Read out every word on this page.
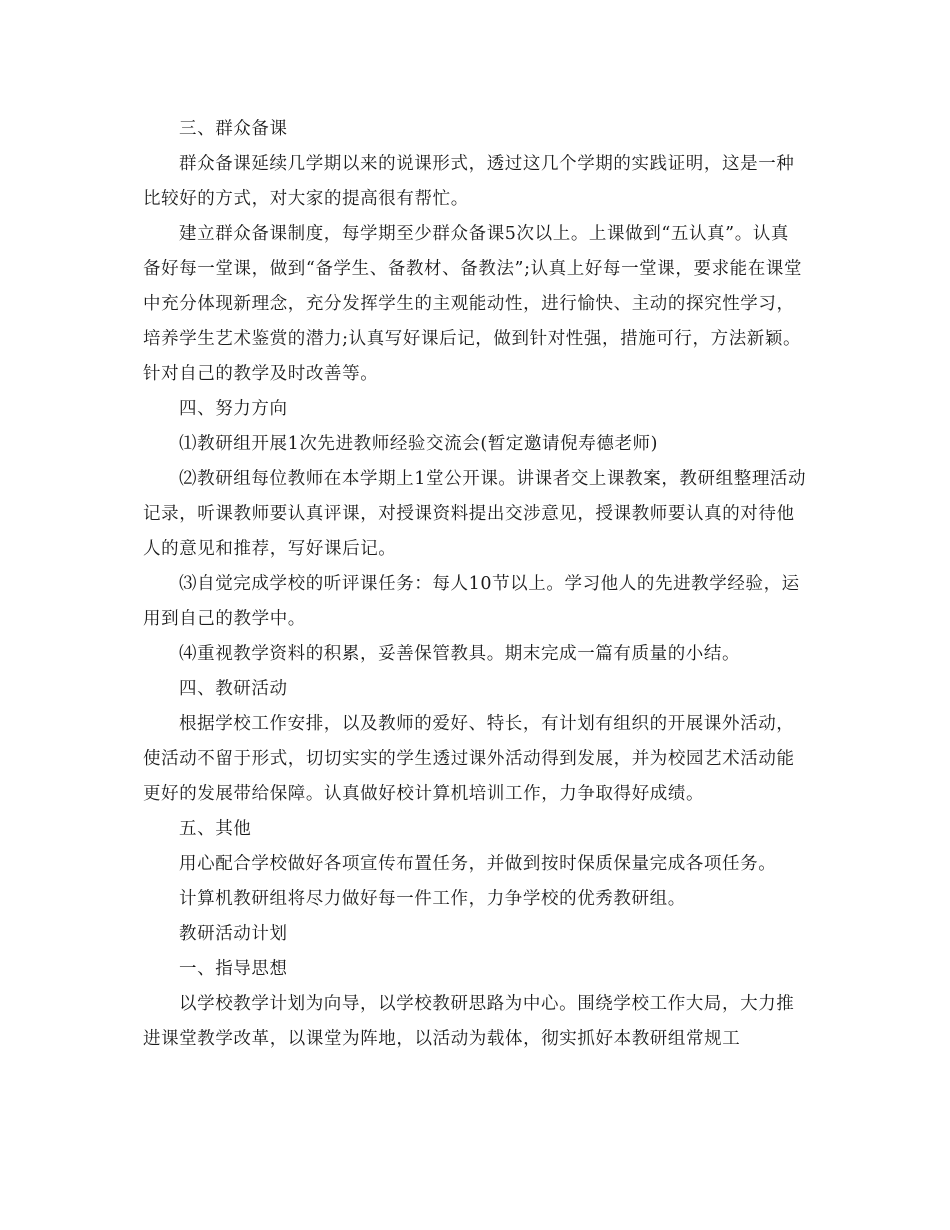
三、群众备课

群众备课延续几学期以来的说课形式，透过这几个学期的实践证明，这是一种比较好的方式，对大家的提高很有帮忙。

建立群众备课制度，每学期至少群众备课5次以上。上课做到“五认真”。认真备好每一堂课，做到“备学生、备教材、备教法”;认真上好每一堂课，要求能在课堂中充分体现新理念，充分发挥学生的主观能动性，进行愉快、主动的探究性学习，培养学生艺术鉴赏的潜力;认真写好课后记，做到针对性强，措施可行，方法新颖。针对自己的教学及时改善等。

四、努力方向

⑴教研组开展1次先进教师经验交流会(暂定邀请倪寿德老师)

⑵教研组每位教师在本学期上1堂公开课。讲课者交上课教案，教研组整理活动记录，听课教师要认真评课，对授课资料提出交涉意见，授课教师要认真的对待他人的意见和推荐，写好课后记。

⑶自觉完成学校的听评课任务：每人10节以上。学习他人的先进教学经验，运用到自己的教学中。

⑷重视教学资料的积累，妥善保管教具。期末完成一篇有质量的小结。

四、教研活动

根据学校工作安排，以及教师的爱好、特长，有计划有组织的开展课外活动，使活动不留于形式，切切实实的学生透过课外活动得到发展，并为校园艺术活动能更好的发展带给保障。认真做好校计算机培训工作，力争取得好成绩。

五、其他

用心配合学校做好各项宣传布置任务，并做到按时保质保量完成各项任务。

计算机教研组将尽力做好每一件工作，力争学校的优秀教研组。

教研活动计划

一、指导思想

以学校教学计划为向导，以学校教研思路为中心。围绕学校工作大局，大力推进课堂教学改革，以课堂为阵地，以活动为载体，彻实抓好本教研组常规工
